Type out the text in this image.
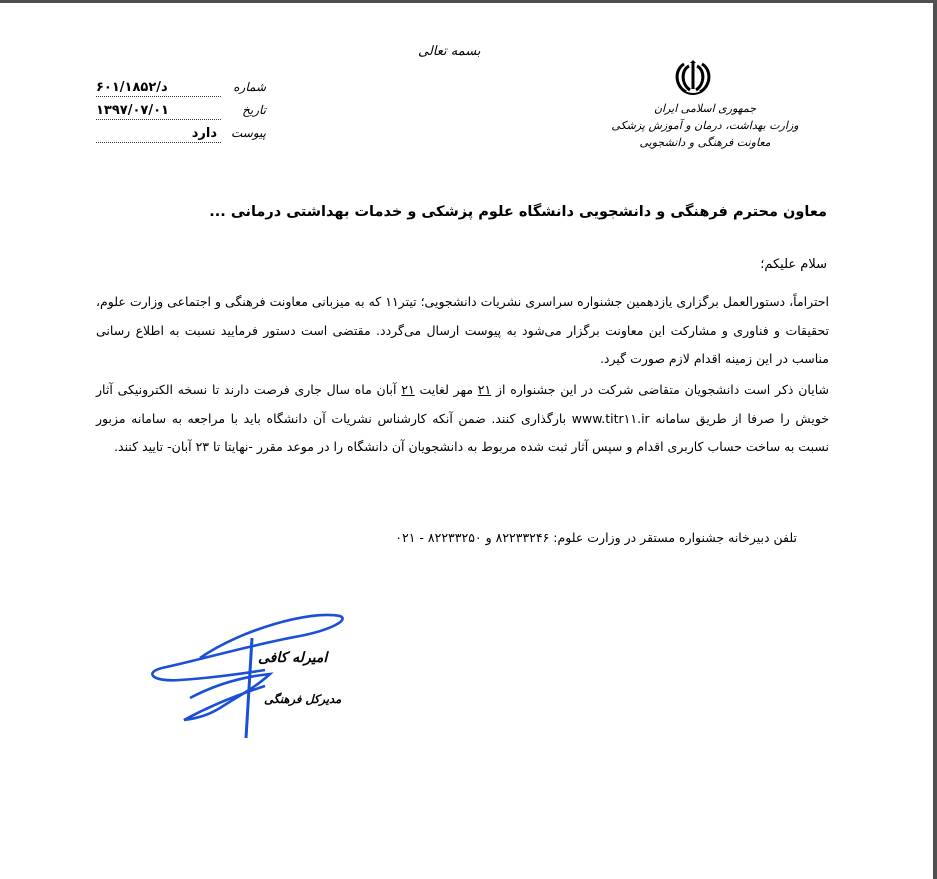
بسمه تعالی
جمهوری اسلامی ایران
وزارت بهداشت، درمان و آموزش پزشکی
معاونت فرهنگی و دانشجویی
شماره
د/۶۰۱/۱۸۵۲
تاریخ
۱۳۹۷/۰۷/۰۱
پیوست
دارد
معاون محترم فرهنگی و دانشجویی دانشگاه علوم پزشکی و خدمات بهداشتی درمانی ...
سلام علیکم؛
احتراماً، دستورالعمل برگزاری یازدهمین جشنواره سراسری نشریات دانشجویی؛ تیتر۱۱ که به میزبانی معاونت فرهنگی و اجتماعی وزارت علوم، تحقیقات و فناوری و مشارکت این معاونت برگزار می‌شود به پیوست ارسال می‌گردد. مقتضی است دستور فرمایید نسبت به اطلاع رسانی مناسب در این زمینه اقدام لازم صورت گیرد.
شایان ذکر است دانشجویان متقاضی شرکت در این جشنواره از ۲۱ مهر لغایت ۲۱ آبان ماه سال جاری فرصت دارند تا نسخه الکترونیکی آثار خویش را صرفا از طریق سامانه www.titr۱۱.ir بارگذاری کنند. ضمن آنکه کارشناس نشریات آن دانشگاه باید با مراجعه به سامانه مزبور نسبت به ساخت حساب کاربری اقدام و سپس آثار ثبت شده مربوط به دانشجویان آن دانشگاه را در موعد مقرر -نهایتا تا ۲۳ آبان- تایید کنند.
تلفن دبیرخانه جشنواره مستقر در وزارت علوم: ۸۲۲۳۳۲۴۶ و ۸۲۲۳۳۲۵۰ - ۰۲۱
امیرله کافی
مدیرکل فرهنگی
